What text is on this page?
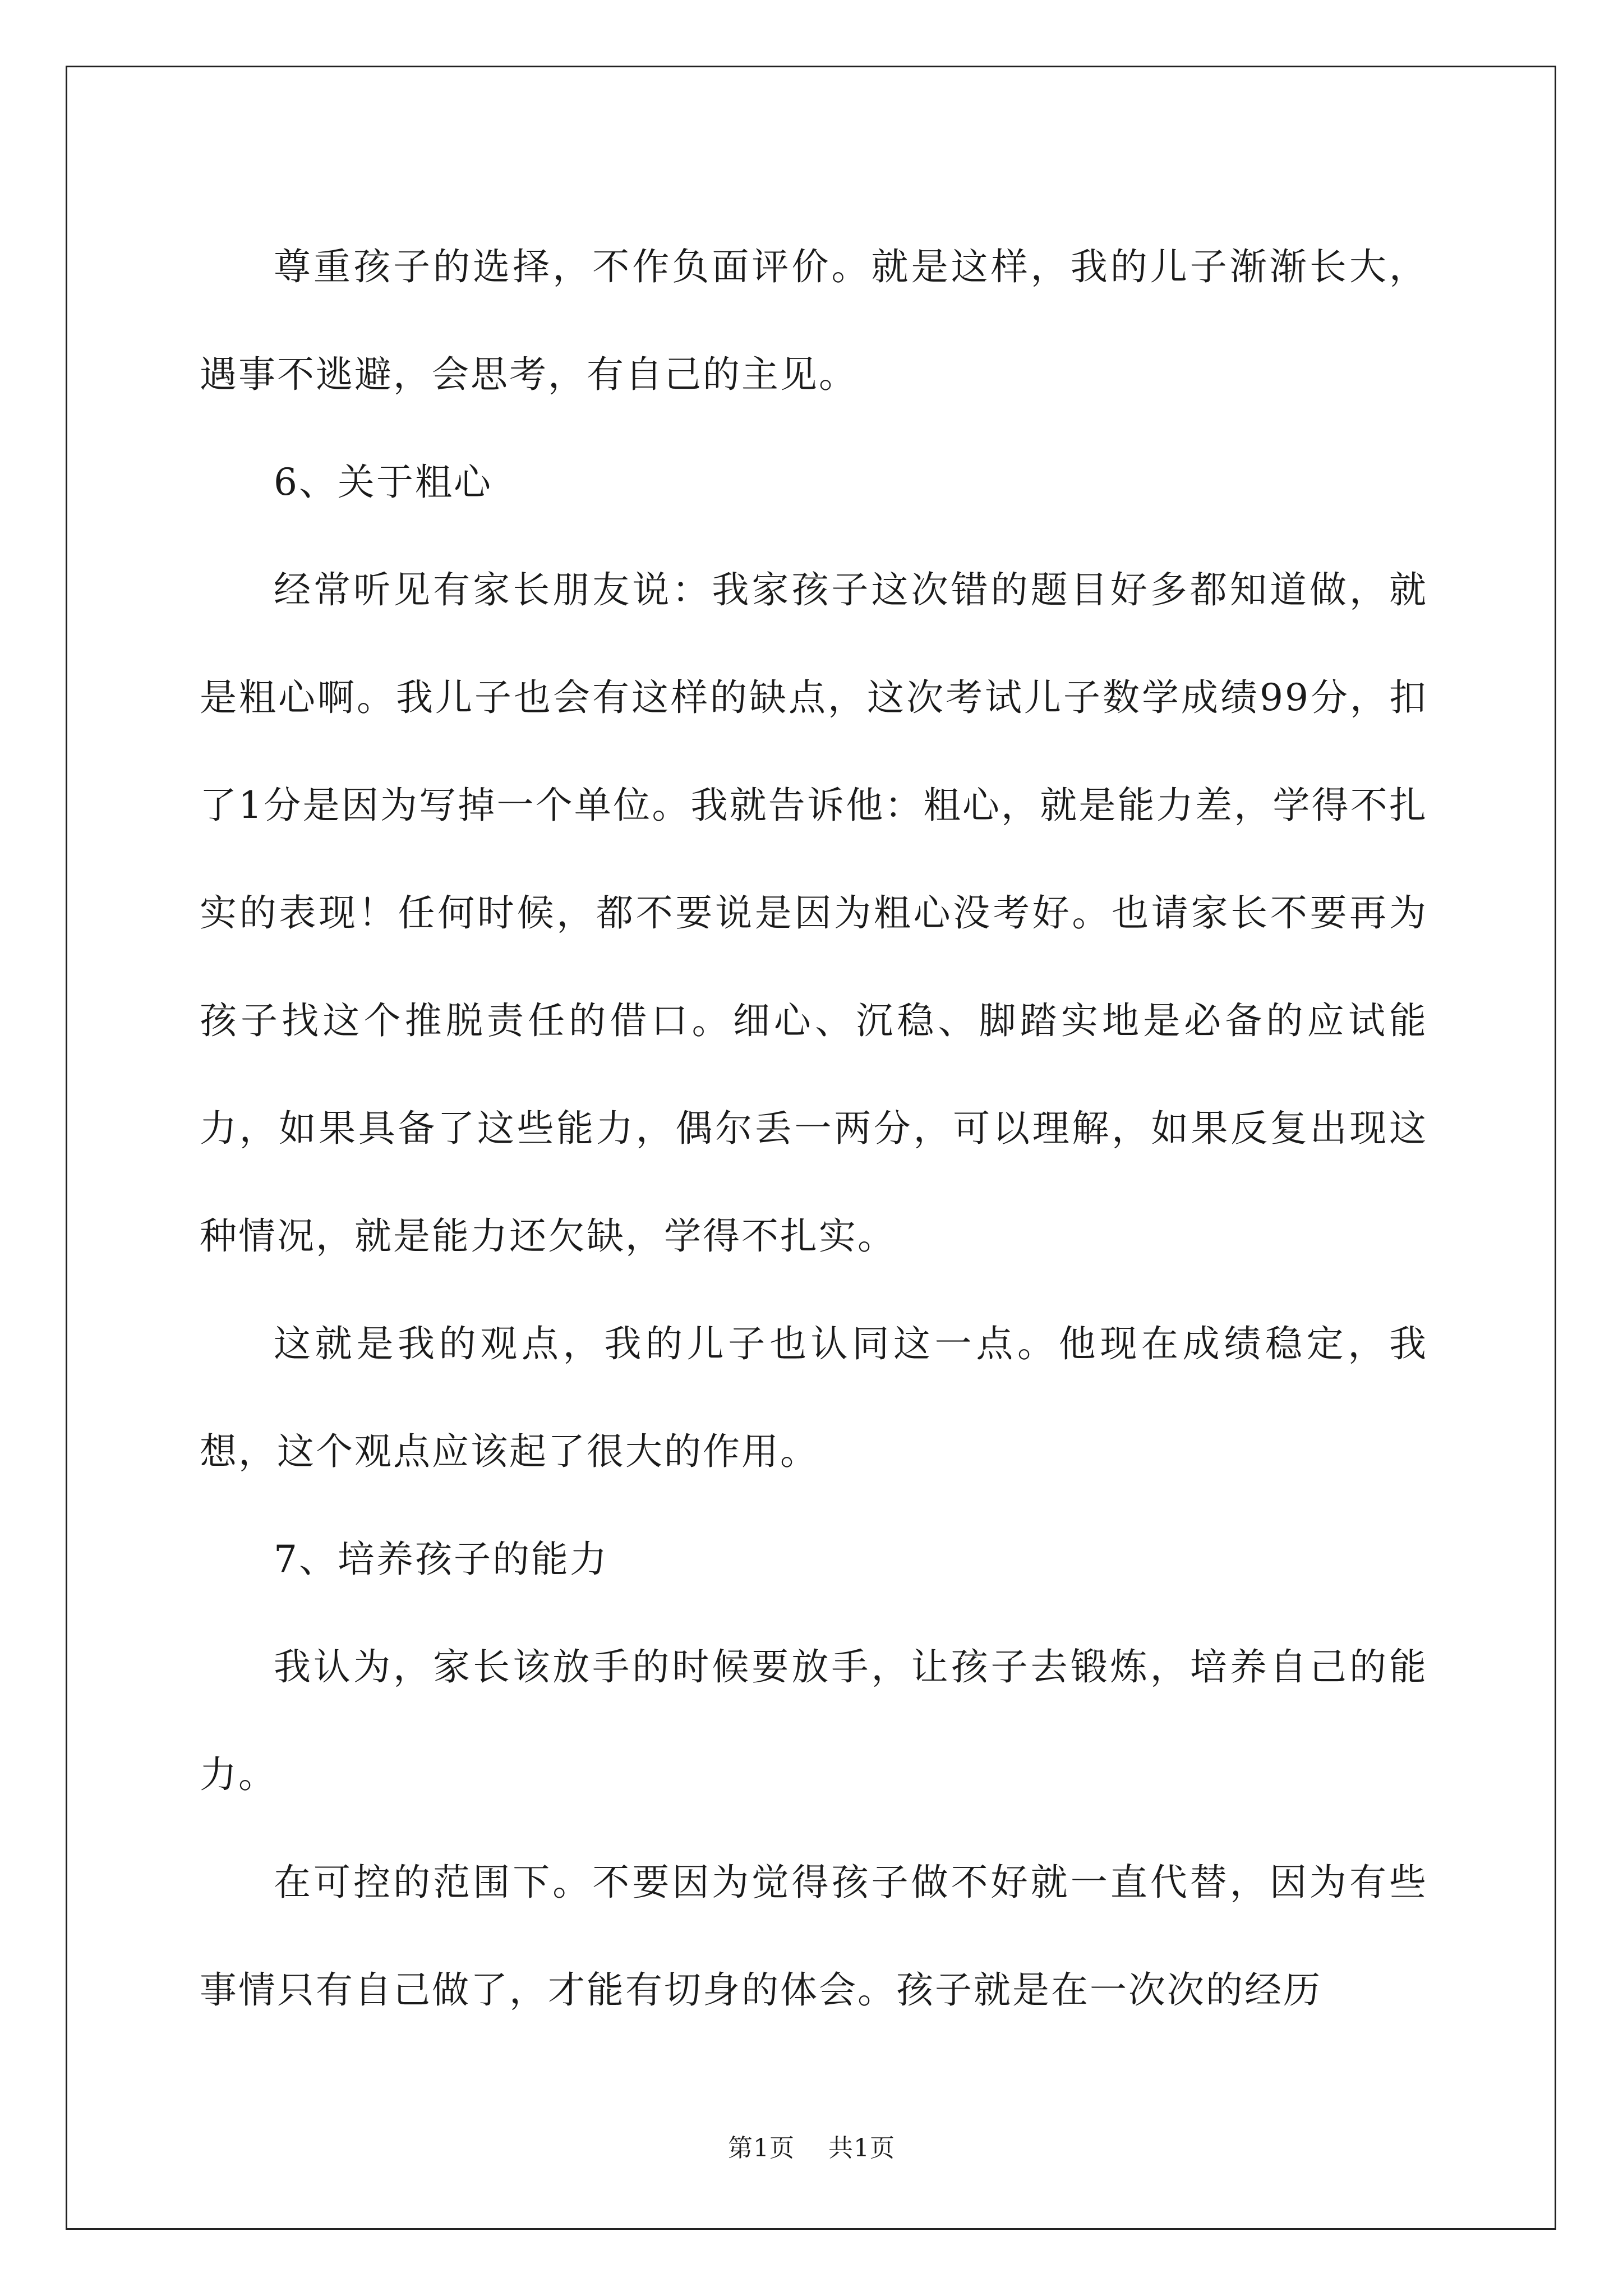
尊重孩子的选择，不作负面评价。就是这样，我的儿子渐渐长大，遇事不逃避，会思考，有自己的主见。

6、关于粗心

经常听见有家长朋友说：我家孩子这次错的题目好多都知道做，就是粗心啊。我儿子也会有这样的缺点，这次考试儿子数学成绩99分，扣了1分是因为写掉一个单位。我就告诉他：粗心，就是能力差，学得不扎实的表现！任何时候，都不要说是因为粗心没考好。也请家长不要再为孩子找这个推脱责任的借口。细心、沉稳、脚踏实地是必备的应试能力，如果具备了这些能力，偶尔丢一两分，可以理解，如果反复出现这种情况，就是能力还欠缺，学得不扎实。

这就是我的观点，我的儿子也认同这一点。他现在成绩稳定，我想，这个观点应该起了很大的作用。

7、培养孩子的能力

我认为，家长该放手的时候要放手，让孩子去锻炼，培养自己的能力。

在可控的范围下。不要因为觉得孩子做不好就一直代替，因为有些事情只有自己做了，才能有切身的体会。孩子就是在一次次的经历

第1页 共1页
